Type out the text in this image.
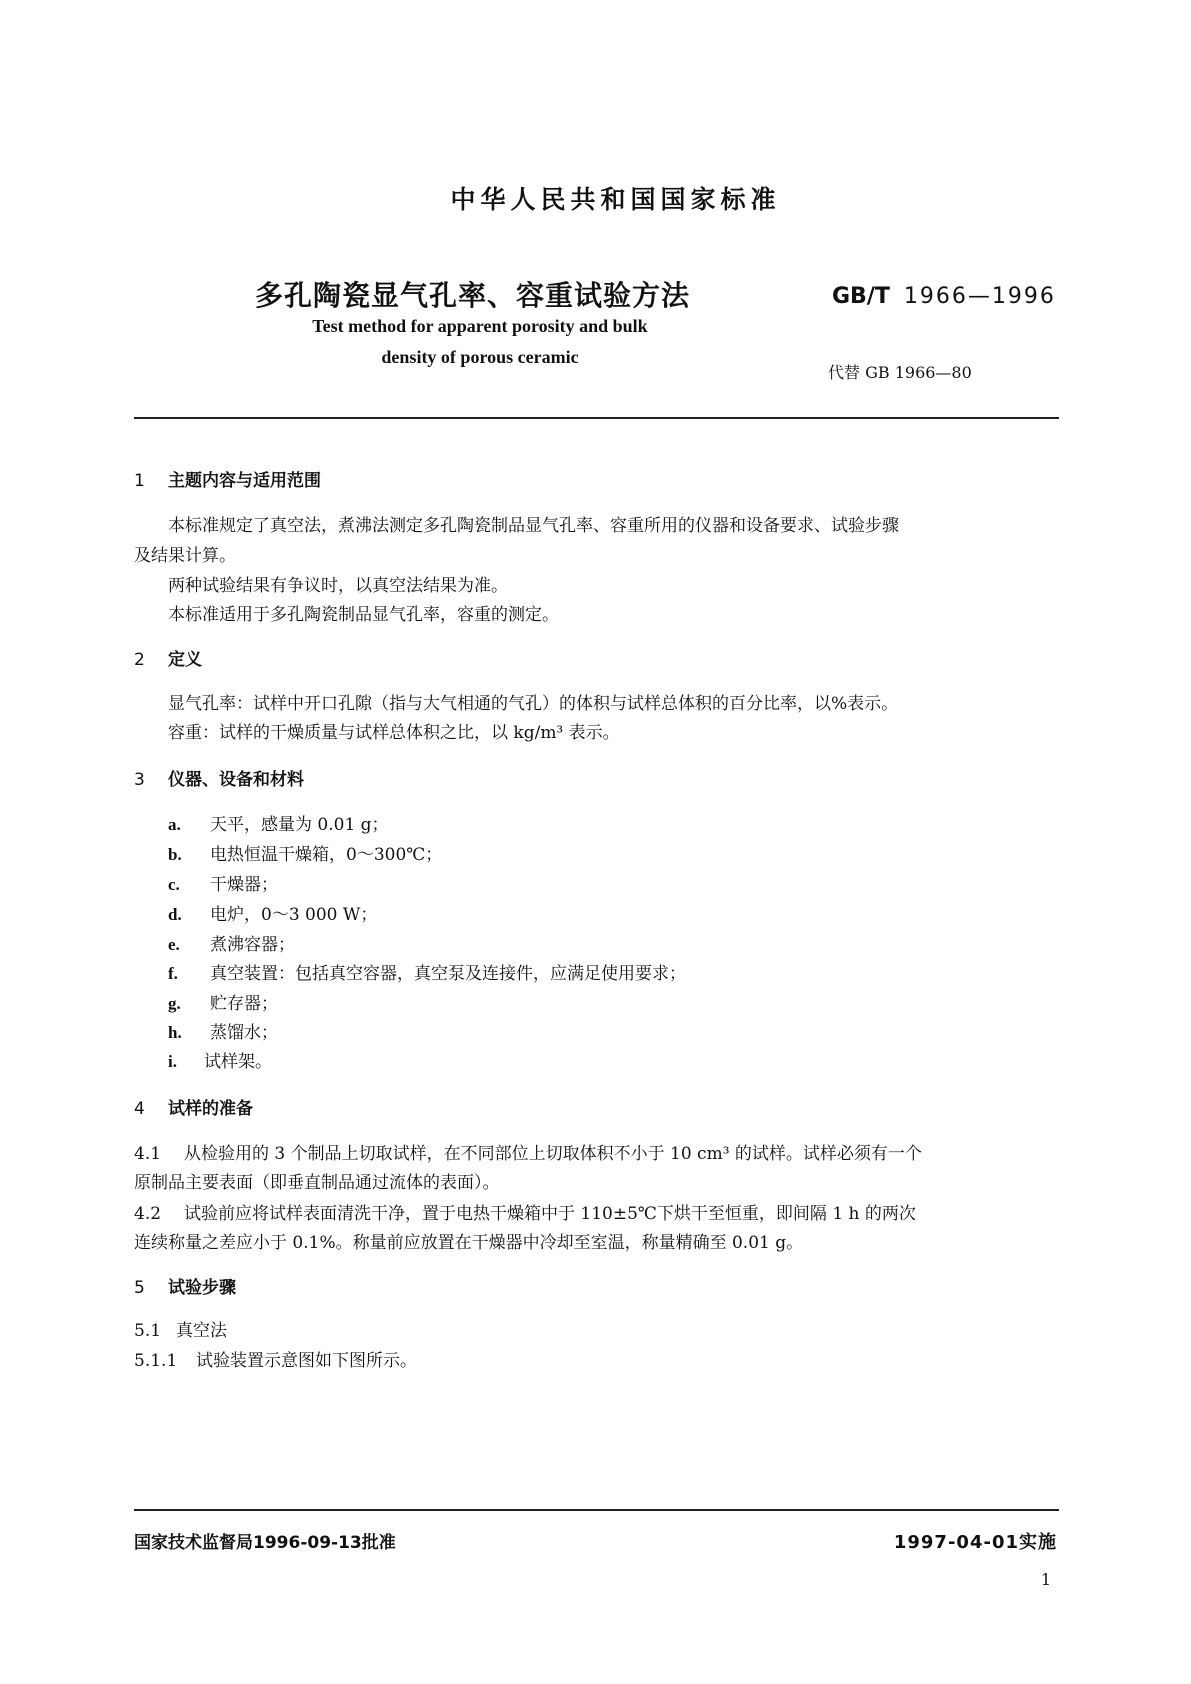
中华人民共和国国家标准
多孔陶瓷显气孔率、容重试验方法	GB/T 1966—1996
Test method for apparent porosity and bulk
density of porous ceramic
代替 GB 1966—80
1 主题内容与适用范围
本标准规定了真空法，煮沸法测定多孔陶瓷制品显气孔率、容重所用的仪器和设备要求、试验步骤
及结果计算。
两种试验结果有争议时，以真空法结果为准。
本标准适用于多孔陶瓷制品显气孔率，容重的测定。
2 定义
显气孔率：试样中开口孔隙（指与大气相通的气孔）的体积与试样总体积的百分比率，以%表示。
容重：试样的干燥质量与试样总体积之比，以 kg/m³ 表示。
3 仪器、设备和材料
a. 天平，感量为 0.01 g；
b. 电热恒温干燥箱，0～300℃；
c. 干燥器；
d. 电炉，0～3 000 W；
e. 煮沸容器；
f. 真空装置：包括真空容器，真空泵及连接件，应满足使用要求；
g. 贮存器；
h. 蒸馏水；
i. 试样架。
4 试样的准备
4.1 从检验用的 3 个制品上切取试样，在不同部位上切取体积不小于 10 cm³ 的试样。试样必须有一个
原制品主要表面（即垂直制品通过流体的表面）。
4.2 试验前应将试样表面清洗干净，置于电热干燥箱中于 110±5℃下烘干至恒重，即间隔 1 h 的两次
连续称量之差应小于 0.1%。称量前应放置在干燥器中冷却至室温，称量精确至 0.01 g。
5 试验步骤
5.1 真空法
5.1.1 试验装置示意图如下图所示。
国家技术监督局1996-09-13批准	1997-04-01实施
1
